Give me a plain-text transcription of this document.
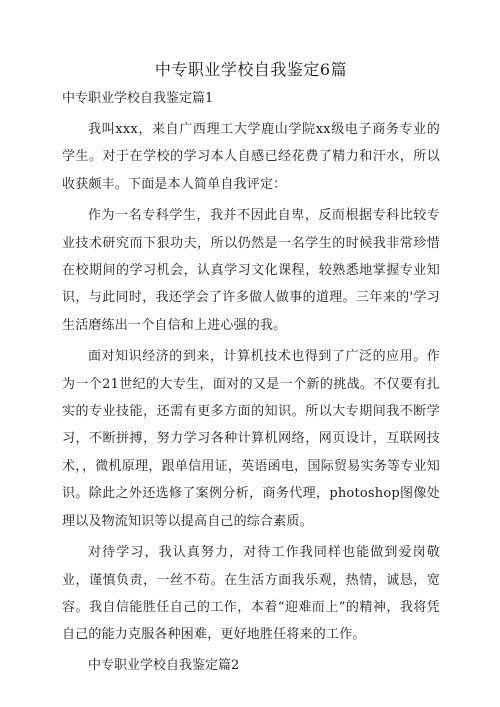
中专职业学校自我鉴定6篇
中专职业学校自我鉴定篇1

我叫xxx，来自广西理工大学鹿山学院xx级电子商务专业的学生。对于在学校的学习本人自感已经花费了精力和汗水，所以收获颇丰。下面是本人简单自我评定：

作为一名专科学生，我并不因此自卑，反而根据专科比较专业技术研究而下狠功夫，所以仍然是一名学生的时候我非常珍惜在校期间的学习机会，认真学习文化课程，较熟悉地掌握专业知识，与此同时，我还学会了许多做人做事的道理。三年来的'学习生活磨练出一个自信和上进心强的我。

面对知识经济的到来，计算机技术也得到了广泛的应用。作为一个21世纪的大专生，面对的又是一个新的挑战。不仅要有扎实的专业技能，还需有更多方面的知识。所以大专期间我不断学习，不断拼搏，努力学习各种计算机网络，网页设计，互联网技术，，微机原理，跟单信用证，英语函电，国际贸易实务等专业知识。除此之外还选修了案例分析，商务代理，photoshop图像处理以及物流知识等以提高自己的综合素质。

对待学习，我认真努力，对待工作我同样也能做到爱岗敬业，谨慎负责，一丝不苟。在生活方面我乐观，热情，诚恳，宽容。我自信能胜任自己的工作，本着“迎难而上”的精神，我将凭自己的能力克服各种困难，更好地胜任将来的工作。

中专职业学校自我鉴定篇2
